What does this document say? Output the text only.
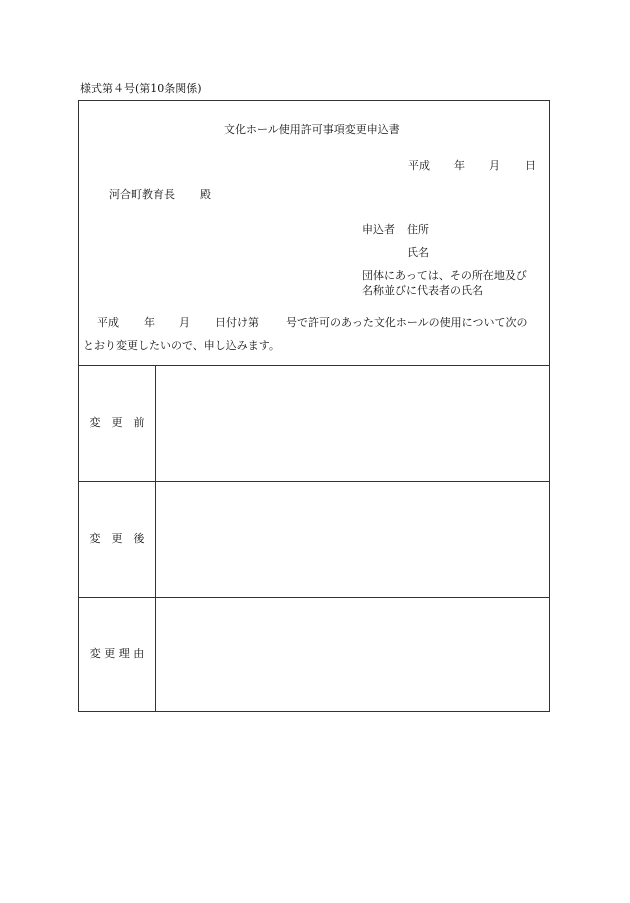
様式第４号(第10条関係)
文化ホール使用許可事項変更申込書
平成 年 月 日
河合町教育長 殿
申込者 住所
氏名
団体にあっては、その所在地及び
名称並びに代表者の氏名
平成 年 月 日付け第 号で許可のあった文化ホールの使用について次の
とおり変更したいので、申し込みます。
変　更　前
変　更　後
変 更 理 由
